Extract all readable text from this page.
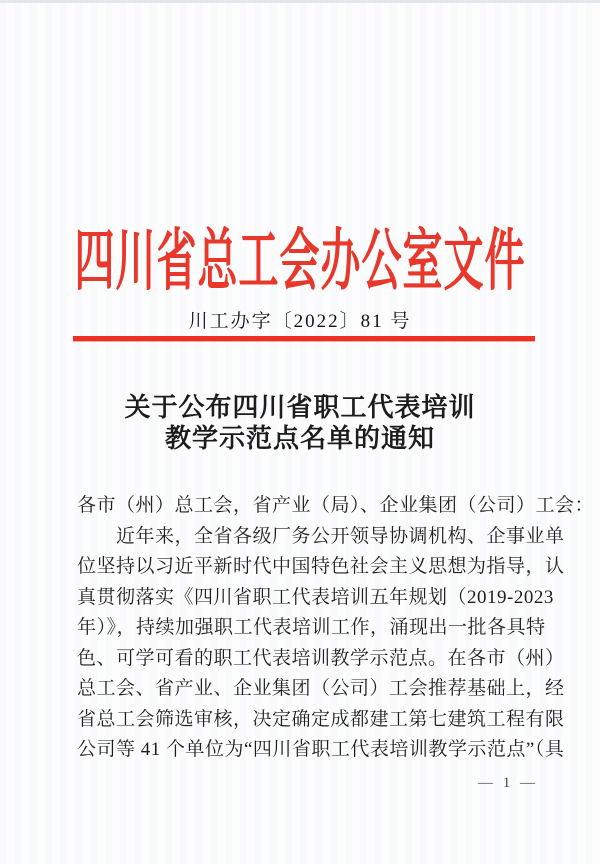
四川省总工会办公室文件
川工办字〔2022〕81 号
关于公布四川省职工代表培训
教学示范点名单的通知
各市（州）总工会，省产业（局）、企业集团（公司）工会：
近年来，全省各级厂务公开领导协调机构、企事业单
位坚持以习近平新时代中国特色社会主义思想为指导，认
真贯彻落实《四川省职工代表培训五年规划（2019-2023
年）》，持续加强职工代表培训工作，涌现出一批各具特
色、可学可看的职工代表培训教学示范点。在各市（州）
总工会、省产业、企业集团（公司）工会推荐基础上，经
省总工会筛选审核，决定确定成都建工第七建筑工程有限
公司等 41 个单位为“四川省职工代表培训教学示范点”（具
— 1 —
